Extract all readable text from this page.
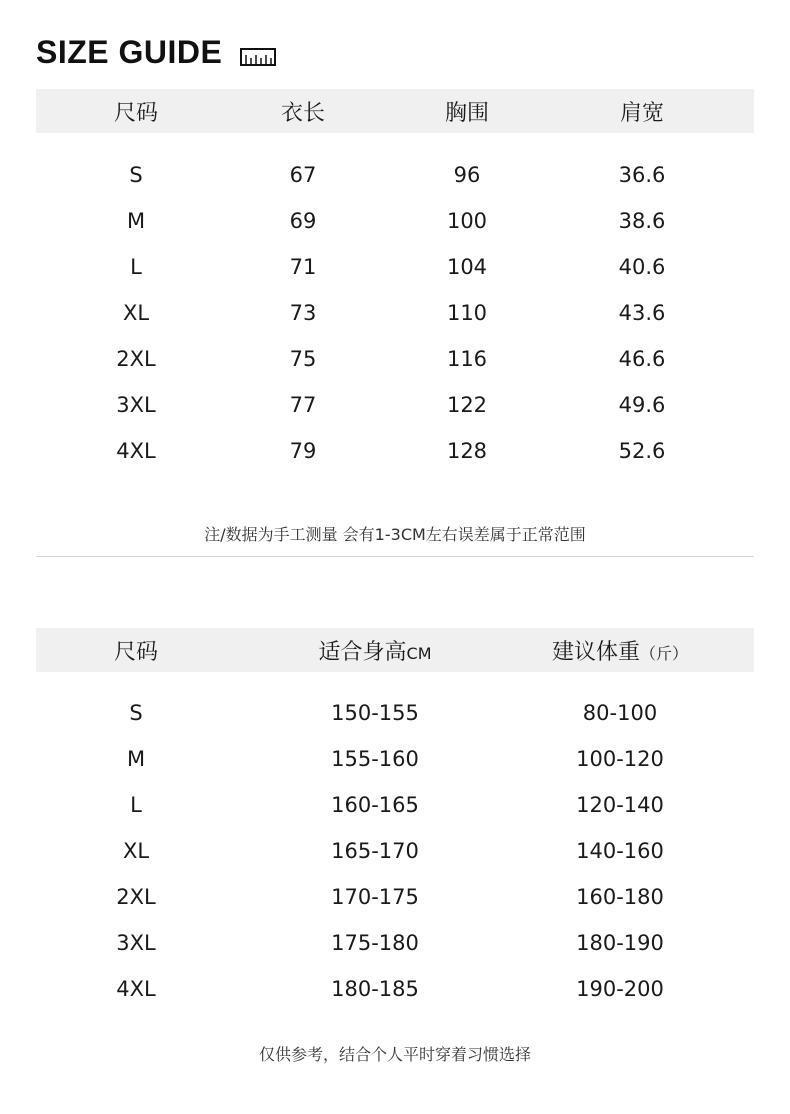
SIZE GUIDE
尺码	衣长	胸围	肩宽
S	67	96	36.6
M	69	100	38.6
L	71	104	40.6
XL	73	110	43.6
2XL	75	116	46.6
3XL	77	122	49.6
4XL	79	128	52.6
注/数据为手工测量 会有1-3CM左右误差属于正常范围
尺码	适合身高CM	建议体重（斤）
S	150-155	80-100
M	155-160	100-120
L	160-165	120-140
XL	165-170	140-160
2XL	170-175	160-180
3XL	175-180	180-190
4XL	180-185	190-200
仅供参考，结合个人平时穿着习惯选择
